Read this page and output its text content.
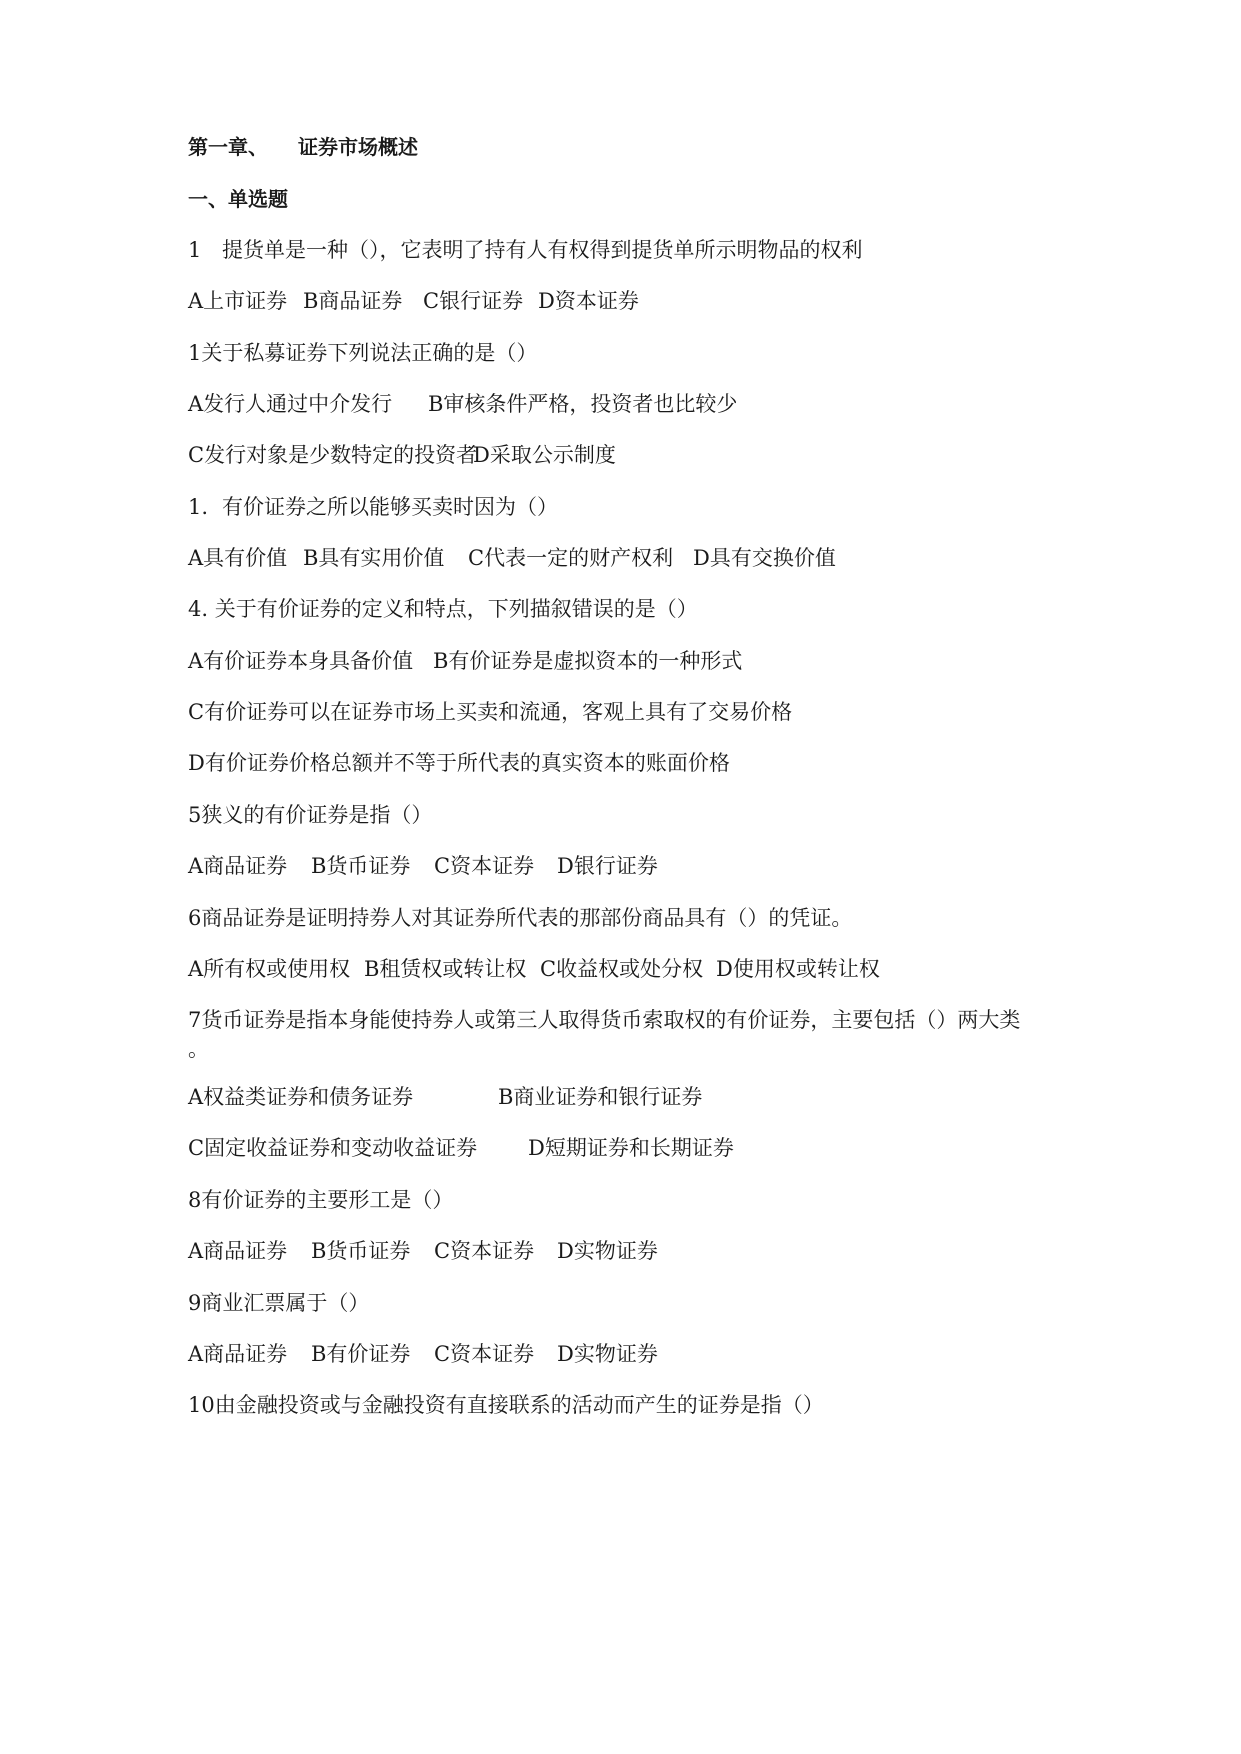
第一章、 证券市场概述
一、单选题
1 提货单是一种（），它表明了持有人有权得到提货单所示明物品的权利
A上市证券 B商品证券 C银行证券 D资本证券
1关于私募证券下列说法正确的是（）
A发行人通过中介发行 B审核条件严格，投资者也比较少
C发行对象是少数特定的投资者D采取公示制度
1. 有价证券之所以能够买卖时因为（）
A具有价值 B具有实用价值 C代表一定的财产权利 D具有交换价值
4. 关于有价证券的定义和特点，下列描叙错误的是（）
A有价证券本身具备价值 B有价证券是虚拟资本的一种形式
C有价证券可以在证券市场上买卖和流通，客观上具有了交易价格
D有价证券价格总额并不等于所代表的真实资本的账面价格
5狭义的有价证券是指（）
A商品证券 B货币证券 C资本证券 D银行证券
6商品证券是证明持券人对其证券所代表的那部份商品具有（）的凭证。
A所有权或使用权 B租赁权或转让权 C收益权或处分权 D使用权或转让权
7货币证券是指本身能使持券人或第三人取得货币索取权的有价证券，主要包括（）两大类
。
A权益类证券和债务证券	B商业证券和银行证券
C固定收益证券和变动收益证券 D短期证券和长期证券
8有价证券的主要形工是（）
A商品证券 B货币证券 C资本证券 D实物证券
9商业汇票属于（）
A商品证券 B有价证券 C资本证券 D实物证券
10由金融投资或与金融投资有直接联系的活动而产生的证券是指（）
